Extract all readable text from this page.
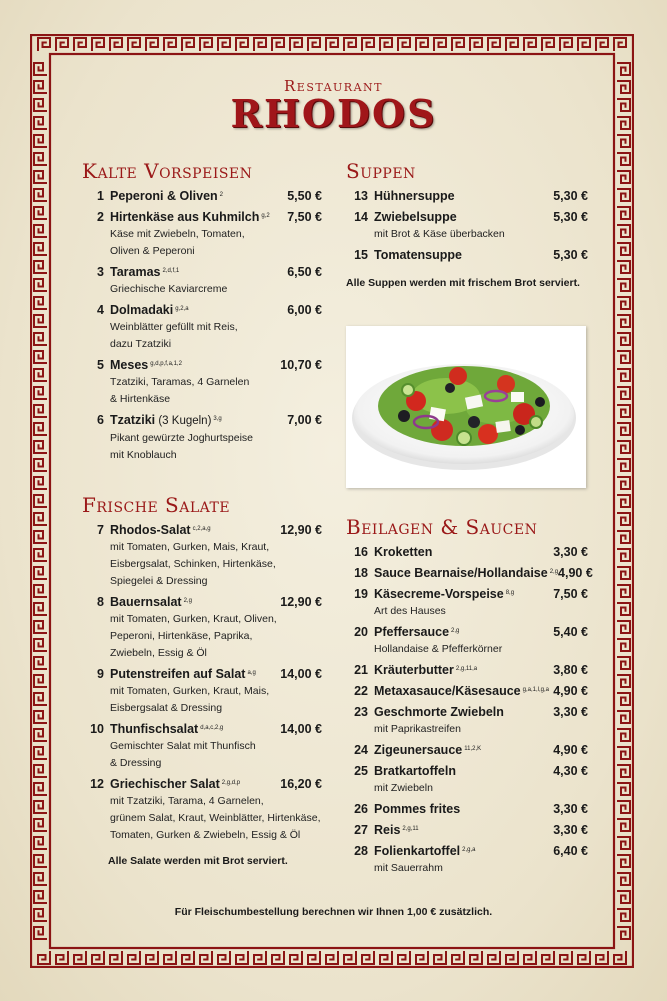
Restaurant
RHODOS
Kalte Vorspeisen
1 Peperoni & Oliven $^2$	5,50 €
2 Hirtenkäse aus Kuhmilch $^{g,2}$	7,50 €
Käse mit Zwiebeln, Tomaten,
Oliven & Peperoni
3 Taramas $^{2,d,f,1}$	6,50 €
Griechische Kaviarcreme
4 Dolmadaki $^{g,2,a}$	6,00 €
Weinblätter gefüllt mit Reis,
dazu Tzatziki
5 Meses $^{g,d,p,f,a,1,2}$	10,70 €
Tzatziki, Taramas, 4 Garnelen
& Hirtenkäse
6 Tzatziki (3 Kugeln) $^{3,g}$	7,00 €
Pikant gewürzte Joghurtspeise
mit Knoblauch
Suppen
13 Hühnersuppe	5,30 €
14 Zwiebelsuppe	5,30 €
mit Brot & Käse überbacken
15 Tomatensuppe	5,30 €
Alle Suppen werden mit frischem Brot serviert.
Frische Salate
7 Rhodos-Salat $^{c,2,a,g}$	12,90 €
mit Tomaten, Gurken, Mais, Kraut,
Eisbergsalat, Schinken, Hirtenkäse,
Spiegelei & Dressing
8 Bauernsalat $^{2,g}$	12,90 €
mit Tomaten, Gurken, Kraut, Oliven,
Peperoni, Hirtenkäse, Paprika,
Zwiebeln, Essig & Öl
9 Putenstreifen auf Salat $^{a,g}$	14,00 €
mit Tomaten, Gurken, Kraut, Mais,
Eisbergsalat & Dressing
10 Thunfischsalat $^{d,a,c,2,g}$	14,00 €
Gemischter Salat mit Thunfisch
& Dressing
12 Griechischer Salat $^{2,g,d,p}$	16,20 €
mit Tzatziki, Tarama, 4 Garnelen,
grünem Salat, Kraut, Weinblätter, Hirtenkäse,
Tomaten, Gurken & Zwiebeln, Essig & Öl
Alle Salate werden mit Brot serviert.
Beilagen & Saucen
16 Kroketten	3,30 €
18 Sauce Bearnaise/Hollandaise $^{2,g}$ 4,90 €
19 Käsecreme-Vorspeise $^{8,g}$	7,50 €
Art des Hauses
20 Pfeffersauce $^{2,g}$	5,40 €
Hollandaise & Pfefferkörner
21 Kräuterbutter $^{2,g,11,a}$	3,80 €
22 Metaxasauce/Käsesauce $^{g,a,1,l,g,a}$ 4,90 €
23 Geschmorte Zwiebeln	3,30 €
mit Paprikastreifen
24 Zigeunersauce $^{11,2,K}$	4,90 €
25 Bratkartoffeln	4,30 €
mit Zwiebeln
26 Pommes frites	3,30 €
27 Reis $^{2,g,11}$	3,30 €
28 Folienkartoffel $^{2,g,a}$	6,40 €
mit Sauerrahm
Für Fleischumbestellung berechnen wir Ihnen 1,00 € zusätzlich.
